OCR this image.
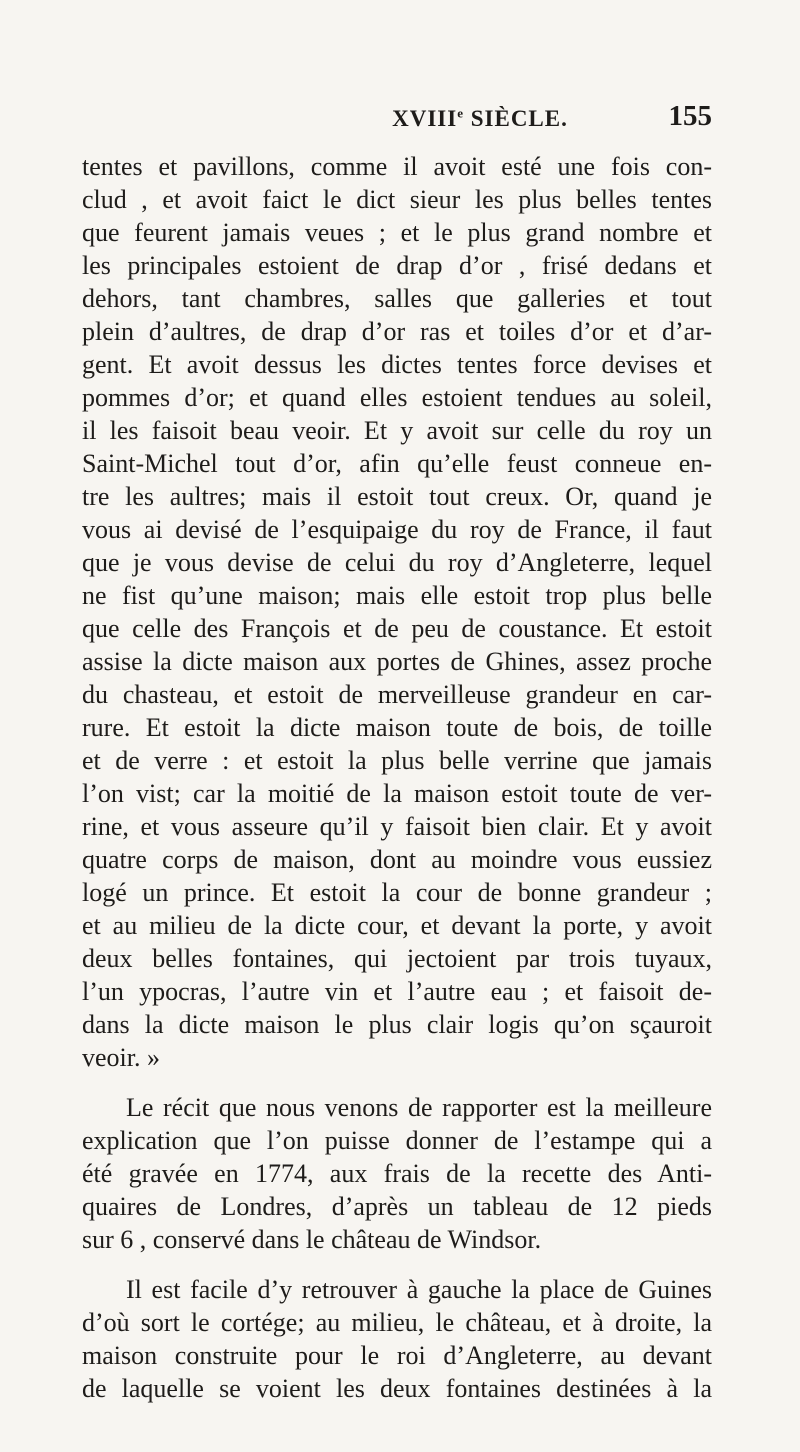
XVIIIe SIÈCLE.	155
tentes et pavillons, comme il avoit esté une fois con-
clud , et avoit faict le dict sieur les plus belles tentes
que feurent jamais veues ; et le plus grand nombre et
les principales estoient de drap d’or , frisé dedans et
dehors, tant chambres, salles que galleries et tout
plein d’aultres, de drap d’or ras et toiles d’or et d’ar-
gent. Et avoit dessus les dictes tentes force devises et
pommes d’or; et quand elles estoient tendues au soleil,
il les faisoit beau veoir. Et y avoit sur celle du roy un
Saint-Michel tout d’or, afin qu’elle feust conneue en-
tre les aultres; mais il estoit tout creux. Or, quand je
vous ai devisé de l’esquipaige du roy de France, il faut
que je vous devise de celui du roy d’Angleterre, lequel
ne fist qu’une maison; mais elle estoit trop plus belle
que celle des François et de peu de coustance. Et estoit
assise la dicte maison aux portes de Ghines, assez proche
du chasteau, et estoit de merveilleuse grandeur en car-
rure. Et estoit la dicte maison toute de bois, de toille
et de verre : et estoit la plus belle verrine que jamais
l’on vist; car la moitié de la maison estoit toute de ver-
rine, et vous asseure qu’il y faisoit bien clair. Et y avoit
quatre corps de maison, dont au moindre vous eussiez
logé un prince. Et estoit la cour de bonne grandeur ;
et au milieu de la dicte cour, et devant la porte, y avoit
deux belles fontaines, qui jectoient par trois tuyaux,
l’un ypocras, l’autre vin et l’autre eau ; et faisoit de-
dans la dicte maison le plus clair logis qu’on sçauroit
veoir. »
Le récit que nous venons de rapporter est la meilleure
explication que l’on puisse donner de l’estampe qui a
été gravée en 1774, aux frais de la recette des Anti-
quaires de Londres, d’après un tableau de 12 pieds
sur 6 , conservé dans le château de Windsor.
Il est facile d’y retrouver à gauche la place de Guines
d’où sort le cortége; au milieu, le château, et à droite, la
maison construite pour le roi d’Angleterre, au devant
de laquelle se voient les deux fontaines destinées à la
